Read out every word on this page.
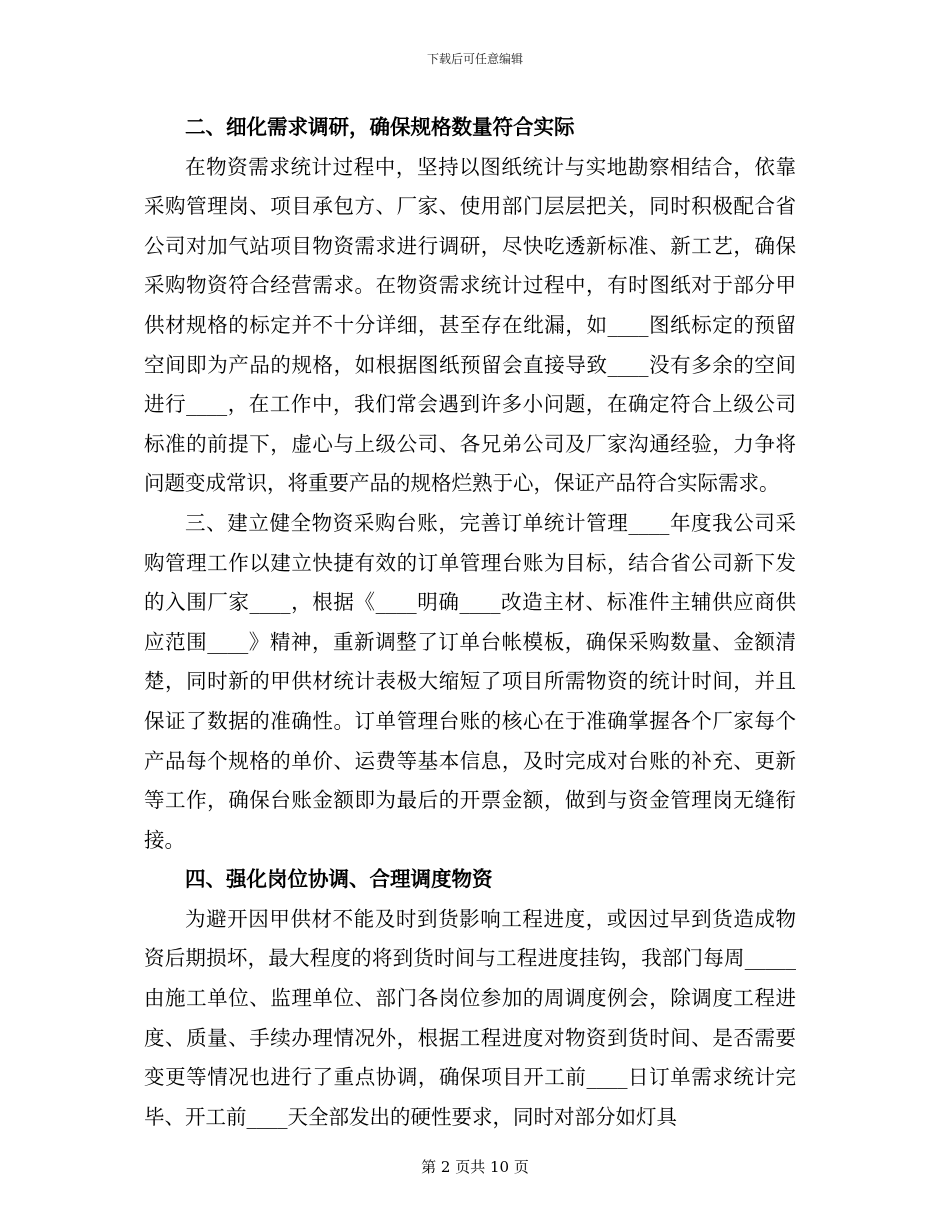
下载后可任意编辑

二、细化需求调研，确保规格数量符合实际

在物资需求统计过程中，坚持以图纸统计与实地勘察相结合，依靠采购管理岗、项目承包方、厂家、使用部门层层把关，同时积极配合省公司对加气站项目物资需求进行调研，尽快吃透新标准、新工艺，确保采购物资符合经营需求。在物资需求统计过程中，有时图纸对于部分甲供材规格的标定并不十分详细，甚至存在纰漏，如____图纸标定的预留空间即为产品的规格，如根据图纸预留会直接导致____没有多余的空间进行____，在工作中，我们常会遇到许多小问题，在确定符合上级公司标准的前提下，虚心与上级公司、各兄弟公司及厂家沟通经验，力争将问题变成常识，将重要产品的规格烂熟于心，保证产品符合实际需求。

三、建立健全物资采购台账，完善订单统计管理____年度我公司采购管理工作以建立快捷有效的订单管理台账为目标，结合省公司新下发的入围厂家____，根据《____明确____改造主材、标准件主辅供应商供应范围____》精神，重新调整了订单台帐模板，确保采购数量、金额清楚，同时新的甲供材统计表极大缩短了项目所需物资的统计时间，并且保证了数据的准确性。订单管理台账的核心在于准确掌握各个厂家每个产品每个规格的单价、运费等基本信息，及时完成对台账的补充、更新等工作，确保台账金额即为最后的开票金额，做到与资金管理岗无缝衔接。

四、强化岗位协调、合理调度物资

为避开因甲供材不能及时到货影响工程进度，或因过早到货造成物资后期损坏，最大程度的将到货时间与工程进度挂钩，我部门每周_____由施工单位、监理单位、部门各岗位参加的周调度例会，除调度工程进度、质量、手续办理情况外，根据工程进度对物资到货时间、是否需要变更等情况也进行了重点协调，确保项目开工前____日订单需求统计完毕、开工前____天全部发出的硬性要求，同时对部分如灯具

第 2 页共 10 页
